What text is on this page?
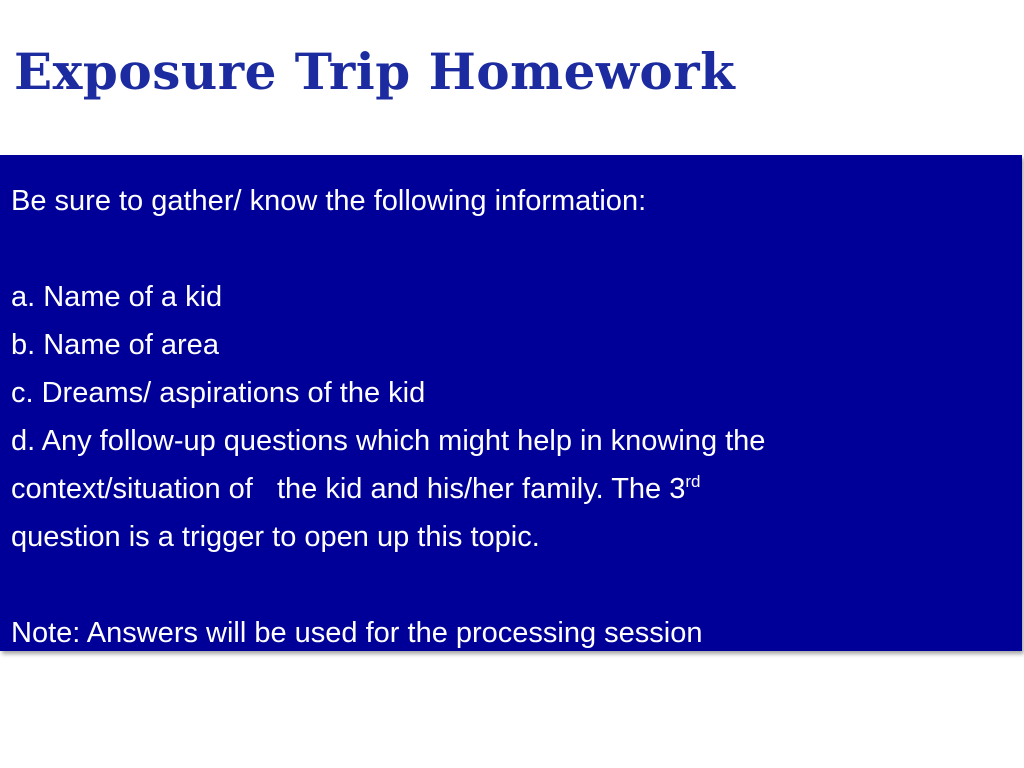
Exposure Trip Homework
Be sure to gather/ know the following information:
a. Name of a kid
b. Name of area
c. Dreams/ aspirations of the kid
d. Any follow-up questions which might help in knowing the
context/situation of   the kid and his/her family. The 3rd
question is a trigger to open up this topic.
Note: Answers will be used for the processing session
